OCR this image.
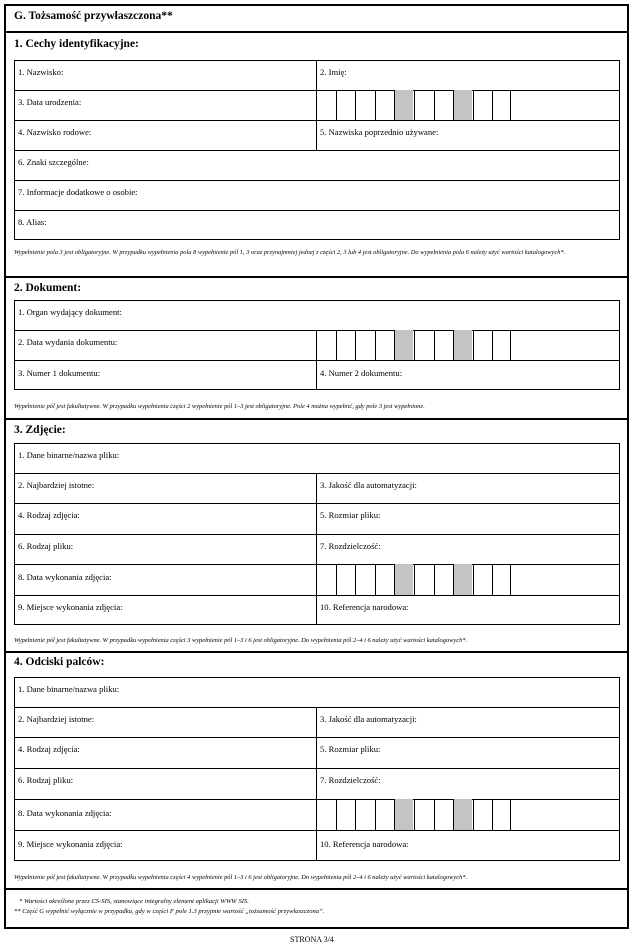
G. Tożsamość przywłaszczona**
1. Cechy identyfikacyjne:
1. Nazwisko:	2. Imię:
3. Data urodzenia:
4. Nazwisko rodowe:	5. Nazwiska poprzednio używane:
6. Znaki szczególne:
7. Informacje dodatkowe o osobie:
8. Alias:
Wypełnienie pola 3 jest obligatoryjne. W przypadku wypełnienia pola 8 wypełnienie pól 1, 3 oraz przynajmniej jednej z części 2, 3 lub 4 jest obligatoryjne. Do wypełnienia pola 6 należy użyć wartości katalogowych*.
2. Dokument:
1. Organ wydający dokument:
2. Data wydania dokumentu:
3. Numer 1 dokumentu:	4. Numer 2 dokumentu:
Wypełnienie pól jest fakultatywne. W przypadku wypełnienia części 2 wypełnienie pól 1–3 jest obligatoryjne. Pole 4 można wypełnić, gdy pole 3 jest wypełnione.
3. Zdjęcie:
1. Dane binarne/nazwa pliku:
2. Najbardziej istotne:	3. Jakość dla automatyzacji:
4. Rodzaj zdjęcia:	5. Rozmiar pliku:
6. Rodzaj pliku:	7. Rozdzielczość:
8. Data wykonania zdjęcia:
9. Miejsce wykonania zdjęcia:	10. Referencja narodowa:
Wypełnienie pól jest fakultatywne. W przypadku wypełnienia części 3 wypełnienie pól 1–3 i 6 jest obligatoryjne. Do wypełnienia pól 2–4 i 6 należy użyć wartości katalogowych*.
4. Odciski palców:
1. Dane binarne/nazwa pliku:
2. Najbardziej istotne:	3. Jakość dla automatyzacji:
4. Rodzaj zdjęcia:	5. Rozmiar pliku:
6. Rodzaj pliku:	7. Rozdzielczość:
8. Data wykonania zdjęcia:
9. Miejsce wykonania zdjęcia:	10. Referencja narodowa:
Wypełnienie pól jest fakultatywne. W przypadku wypełnienia części 4 wypełnienie pól 1–3 i 6 jest obligatoryjne. Do wypełnienia pól 2–4 i 6 należy użyć wartości katalogowych*.
* Wartości określone przez CS-SIS, stanowiące integralny element aplikacji WWW SIS.
** Część G wypełnić wyłącznie w przypadku, gdy w części F pole 1.3 przyjmie wartość „tożsamość przywłaszczona”.
STRONA 3/4
